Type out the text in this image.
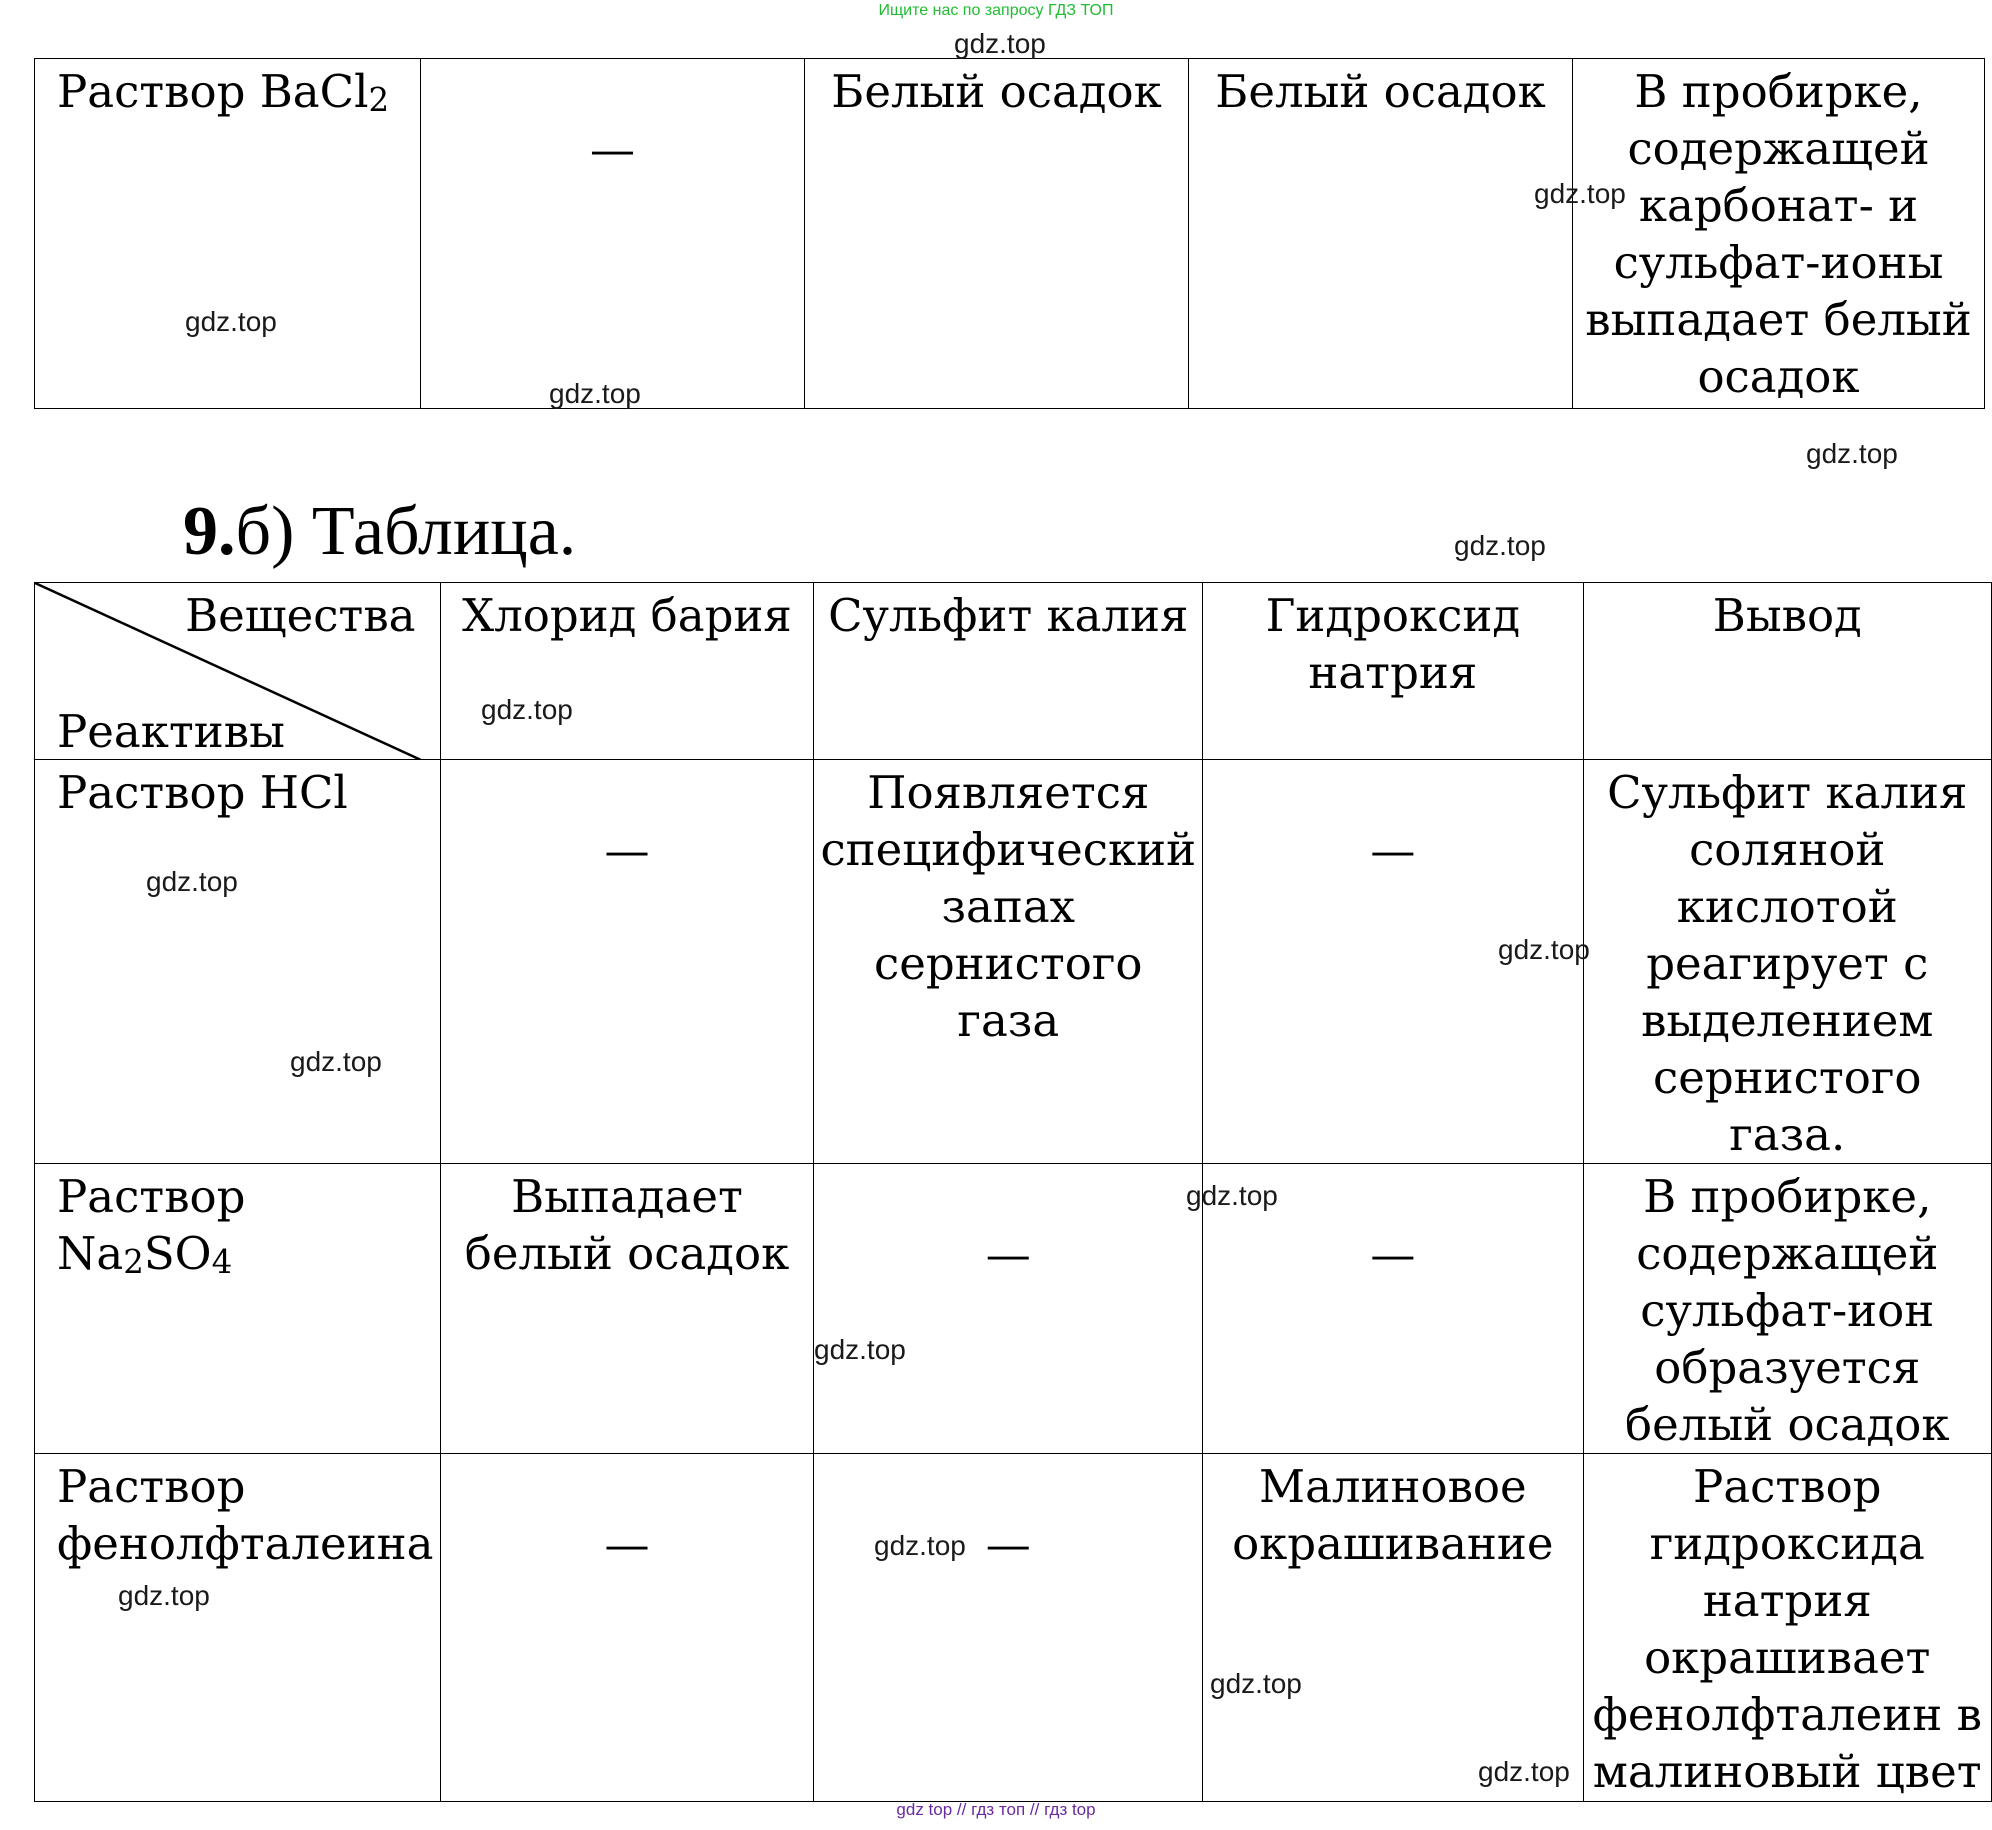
Ищите нас по запросу ГДЗ ТОП
Раствор BaCl$_2$	—	Белый осадок	Белый осадок	В пробирке, содержащей карбонат- и сульфат-ионы выпадает белый осадок
9.б) Таблица.
Вещества
Реактивы	Хлорид бария	Сульфит калия	Гидроксид натрия	Вывод
Раствор HCl	—	Появляется специфический запах сернистого газа	—	Сульфит калия соляной кислотой реагирует с выделением сернистого газа.
Раствор $Na_2SO_4$	Выпадает белый осадок	—	—	В пробирке, содержащей сульфат-ион образуется белый осадок
Раствор фенолфталеина	—	—	Малиновое окрашивание	Раствор гидроксида натрия окрашивает фенолфталеин в малиновый цвет
gdz.top
gdz.top
gdz.top
gdz.top
gdz.top
gdz.top
gdz.top
gdz.top
gdz.top
gdz.top
gdz.top
gdz.top
gdz.top
gdz.top
gdz.top
gdz.top
gdz top // гдз топ // гдз top
